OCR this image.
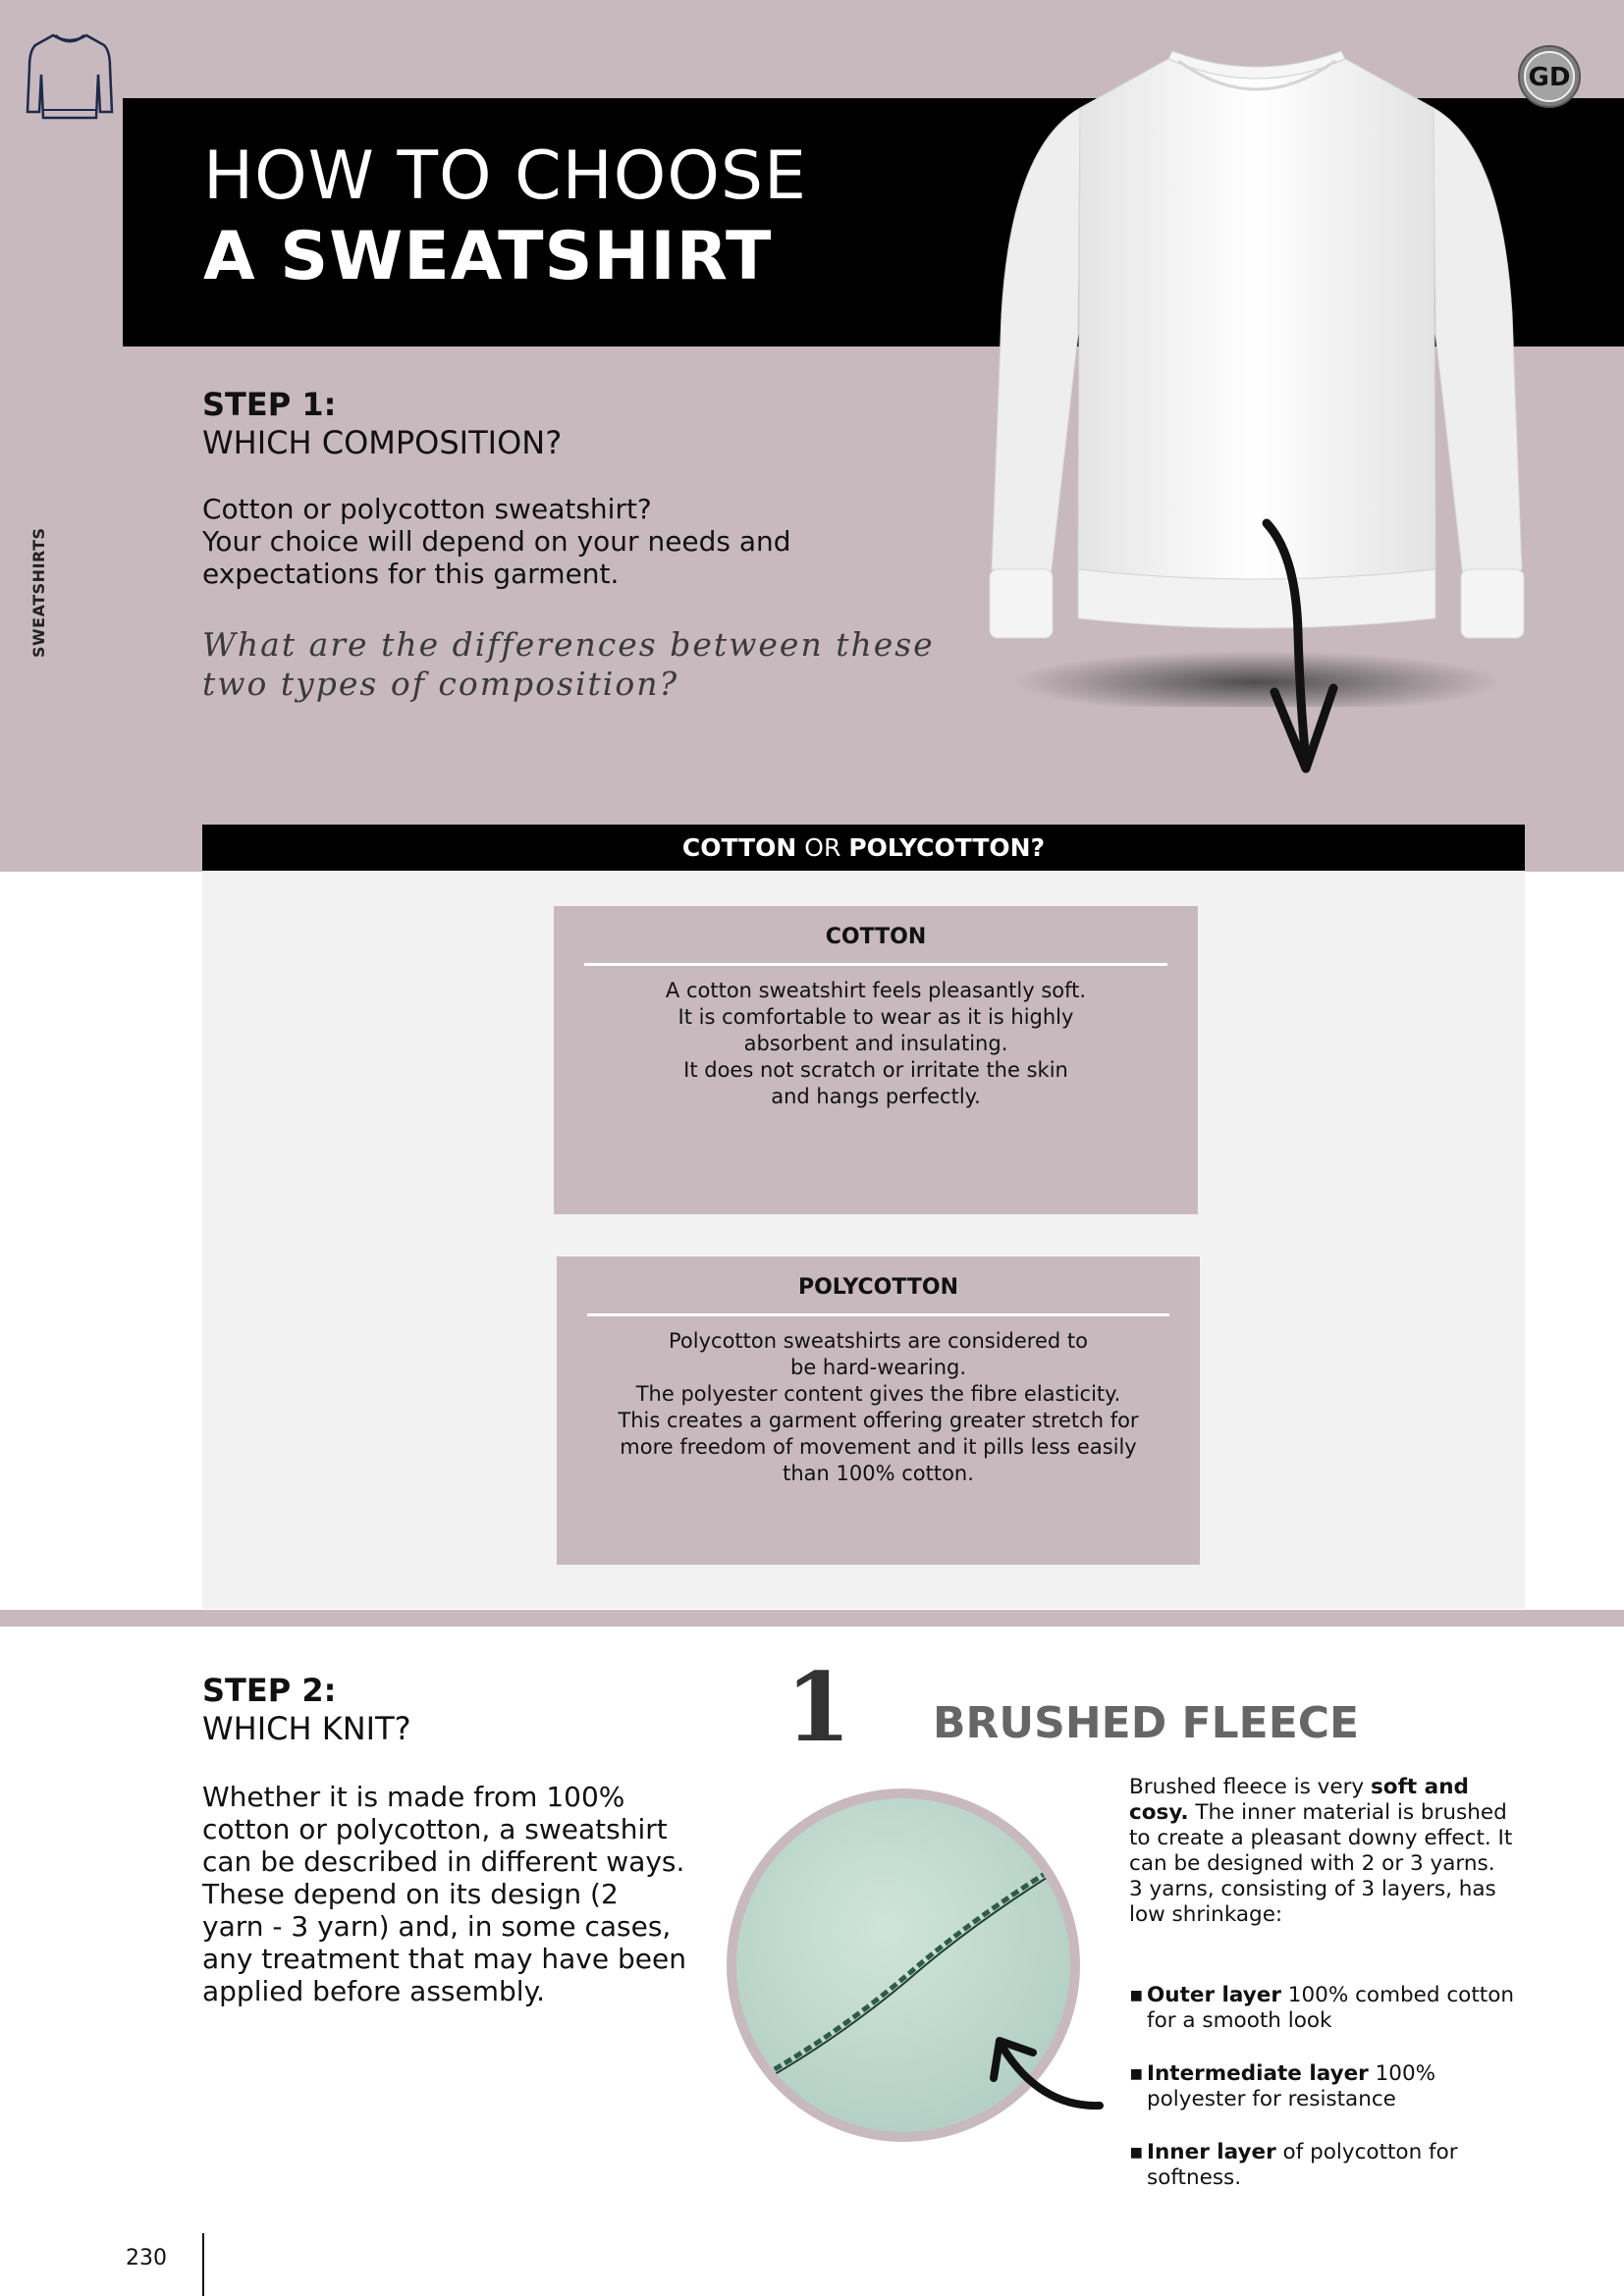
SWEATSHIRTS
HOW TO CHOOSE
A SWEATSHIRT
GD
STEP 1:
WHICH COMPOSITION?
Cotton or polycotton sweatshirt?
Your choice will depend on your needs and
expectations for this garment.
What are the differences between these
two types of composition?
COTTON OR POLYCOTTON?
COTTON
A cotton sweatshirt feels pleasantly soft.
It is comfortable to wear as it is highly
absorbent and insulating.
It does not scratch or irritate the skin
and hangs perfectly.
POLYCOTTON
Polycotton sweatshirts are considered to
be hard-wearing.
The polyester content gives the fibre elasticity.
This creates a garment offering greater stretch for
more freedom of movement and it pills less easily
than 100% cotton.
STEP 2:
WHICH KNIT?
Whether it is made from 100%
cotton or polycotton, a sweatshirt
can be described in different ways.
These depend on its design (2
yarn - 3 yarn) and, in some cases,
any treatment that may have been
applied before assembly.
1 BRUSHED FLEECE
Brushed fleece is very soft and cosy. The inner material is brushed to create a pleasant downy effect. It can be designed with 2 or 3 yarns.
3 yarns, consisting of 3 layers, has low shrinkage:
▪ Outer layer 100% combed cotton for a smooth look
▪ Intermediate layer 100% polyester for resistance
▪ Inner layer of polycotton for softness.
230
